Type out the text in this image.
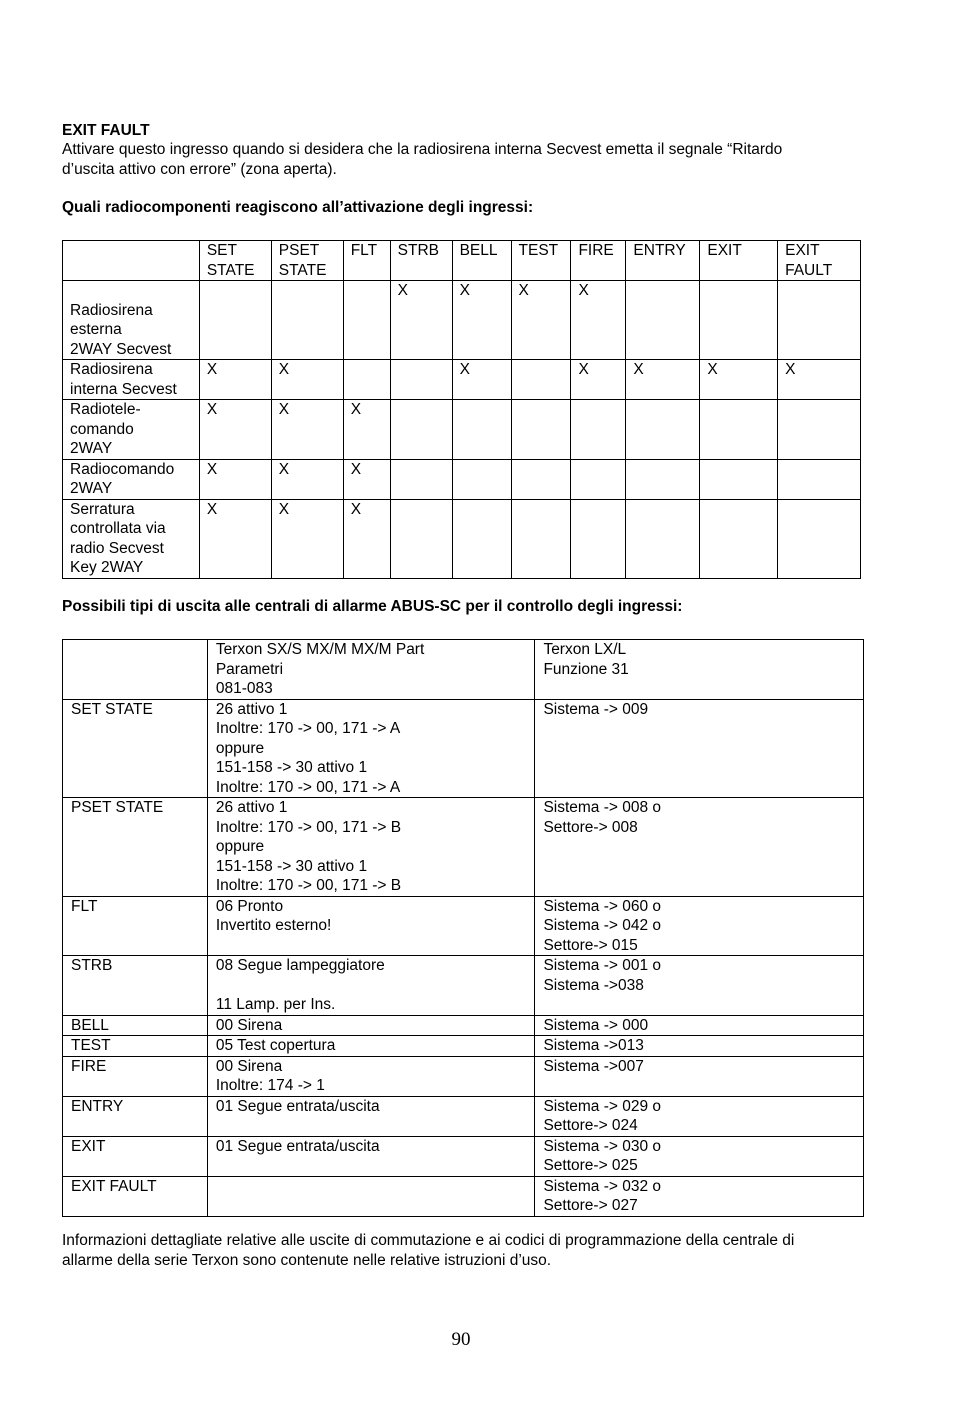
EXIT FAULT
Attivare questo ingresso quando si desidera che la radiosirena interna Secvest emetta il segnale “Ritardo
d’uscita attivo con errore” (zona aperta).
Quali radiocomponenti reagiscono all’attivazione degli ingressi:
	SET
STATE	PSET
STATE	FLT	STRB	BELL	TEST	FIRE	ENTRY	EXIT	EXIT
FAULT

Radiosirena
esterna
2WAY Secvest				X	X	X	X			
Radiosirena
interna Secvest	X	X			X		X	X	X	X
Radiotele-
comando
2WAY	X	X	X							
Radiocomando
2WAY	X	X	X							
Serratura
controllata via
radio Secvest
Key 2WAY	X	X	X							
Possibili tipi di uscita alle centrali di allarme ABUS-SC per il controllo degli ingressi:
	Terxon SX/S MX/M MX/M Part
Parametri
081-083	Terxon LX/L
Funzione 31
SET STATE	26 attivo 1
Inoltre: 170 -> 00, 171 -> A
oppure
151-158 -> 30 attivo 1
Inoltre: 170 -> 00, 171 -> A	Sistema -> 009
PSET STATE	26 attivo 1
Inoltre: 170 -> 00, 171 -> B
oppure
151-158 -> 30 attivo 1
Inoltre: 170 -> 00, 171 -> B	Sistema -> 008 o
Settore-> 008
FLT	06 Pronto
Invertito esterno!	Sistema -> 060 o
Sistema -> 042 o
Settore-> 015
STRB	08 Segue lampeggiatore

11 Lamp. per Ins.	Sistema -> 001 o
Sistema ->038
BELL	00 Sirena	Sistema -> 000
TEST	05 Test copertura	Sistema ->013
FIRE	00 Sirena
Inoltre: 174 -> 1	Sistema ->007
ENTRY	01 Segue entrata/uscita	Sistema -> 029 o
Settore-> 024
EXIT	01 Segue entrata/uscita	Sistema -> 030 o
Settore-> 025
EXIT FAULT		Sistema -> 032 o
Settore-> 027
Informazioni dettagliate relative alle uscite di commutazione e ai codici di programmazione della centrale di
allarme della serie Terxon sono contenute nelle relative istruzioni d’uso.
90
